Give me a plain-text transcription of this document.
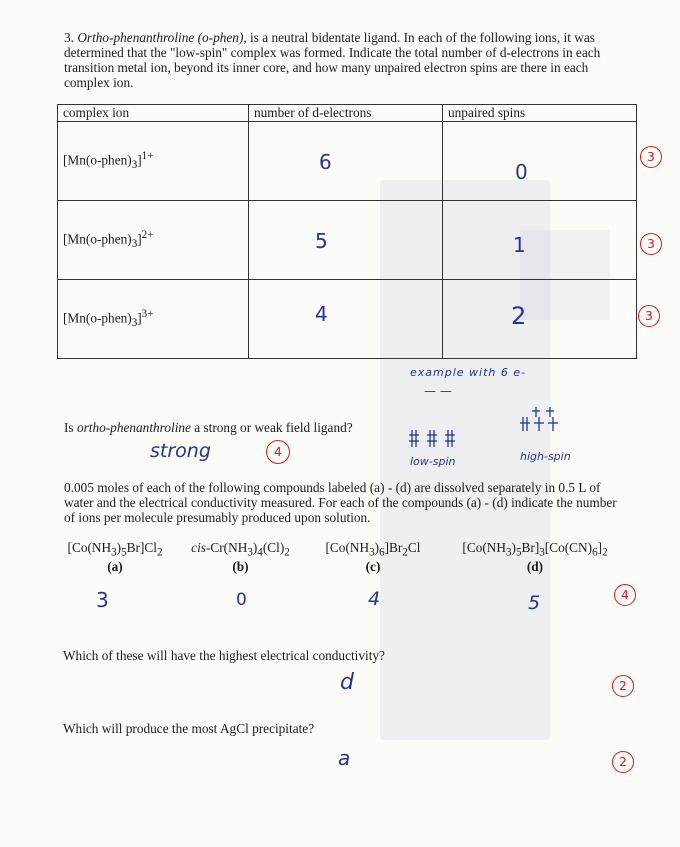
3. Ortho-phenanthroline (o-phen), is a neutral bidentate ligand. In each of the following ions, it was determined that the "low-spin" complex was formed. Indicate the total number of d-electrons in each transition metal ion, beyond its inner core, and how many unpaired electron spins are there in each complex ion.
complex ion	number of d-electrons	unpaired spins
$[Mn(o-phen)_3]^{1+}$	6	0

$[Mn(o-phen)_3]^{2+}$	5	1

$[Mn(o-phen)_3]^{3+}$	4	2
3
3
3
example with 6 e-
— —
low-spin	high-spin
Is ortho-phenanthroline a strong or weak field ligand?
strong	4
0.005 moles of each of the following compounds labeled (a) - (d) are dissolved separately in 0.5 L of water and the electrical conductivity measured. For each of the compounds (a) - (d) indicate the number of ions per molecule presumably produced upon solution.
$[Co(NH_3)_5Br]Cl_2$
(a)
cis-$Cr(NH_3)_4(Cl)_2$
(b)
$[Co(NH_3)_6]Br_2Cl$
(c)
$[Co(NH_3)_5Br]_3[Co(CN)_6]_2$
(d)
3	0	4	5	4
Which of these will have the highest electrical conductivity?
d	2
Which will produce the most AgCl precipitate?
a	2
